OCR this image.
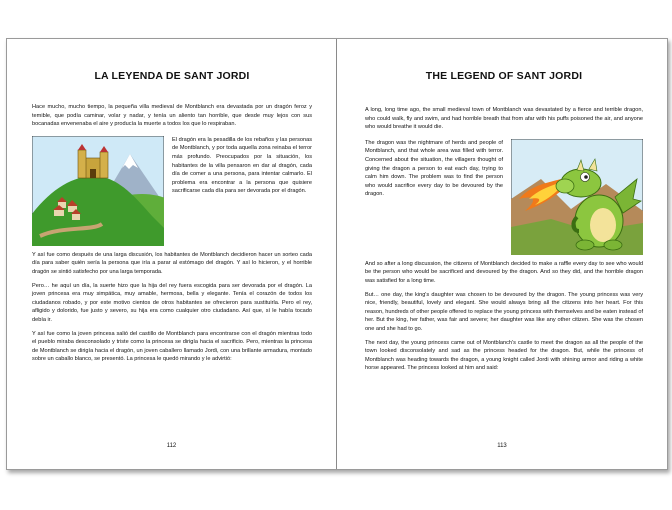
LA LEYENDA DE SANT JORDI

Hace mucho, mucho tiempo, la pequeña villa medieval de Montblanch era devastada por un dragón feroz y temible, que podía caminar, volar y nadar, y tenía un aliento tan horrible, que desde muy lejos con sus bocanadas envenenaba el aire y producía la muerte a todos los que lo respiraban.

El dragón era la pesadilla de los rebaños y las personas de Montblanch, y por toda aquella zona reinaba el terror más profundo. Preocupados por la situación, los habitantes de la villa pensaron en dar al dragón, cada día de comer a una persona, para intentar calmarlo. El problema era encontrar a la persona que quisiere sacrificarse cada día para ser devorada por el dragón.

Y así fue como después de una larga discusión, los habitantes de Montblanch decidieron hacer un sorteo cada día para saber quién sería la persona que iría a parar al estómago del dragón. Y así lo hicieron, y el horrible dragón se sintió satisfecho por una larga temporada.

Pero… he aquí un día, la suerte hizo que la hija del rey fuera escogida para ser devorada por el dragón. La joven princesa era muy simpática, muy amable, hermosa, bella y elegante. Tenía el corazón de todos los ciudadanos robado, y por este motivo cientos de otros habitantes se ofrecieron para sustituirla. Pero el rey, afligido y dolorido, fue justo y severo, su hija era como cualquier otro ciudadano. Así que, sí le había tocado debía ir.

Y así fue como la joven princesa salió del castillo de Montblanch para encontrarse con el dragón mientras todo el pueblo miraba desconsolado y triste como la princesa se dirigía hacia el sacrificio. Pero, mientras la princesa de Montblanch se dirigía hacia el dragón, un joven caballero llamado Jordi, con una brillante armadura, montado sobre un caballo blanco, se presentó. La princesa le quedó mirando y le advirtió:

112
THE LEGEND OF SANT JORDI

A long, long time ago, the small medieval town of Montblanch was devastated by a fierce and terrible dragon, who could walk, fly and swim, and had horrible breath that from afar with his puffs poisoned the air, and anyone who would breathe it would die.

The dragon was the nightmare of herds and people of Montblanch, and that whole area was filled with terror. Concerned about the situation, the villagers thought of giving the dragon a person to eat each day, trying to calm him down. The problem was to find the person who would sacrifice every day to be devoured by the dragon.

And so after a long discussion, the citizens of Montblanch decided to make a raffle every day to see who would be the person who would be sacrificed and devoured by the dragon. And so they did, and the horrible dragon was satisfied for a long time.

But… one day, the king's daughter was chosen to be devoured by the dragon. The young princess was very nice, friendly, beautiful, lovely and elegant. She would always bring all the citizens into her heart. For this reason, hundreds of other people offered to replace the young princess with themselves and be eaten instead of her. But the king, her father, was fair and severe; her daughter was like any other citizen. She was the chosen one and she had to go.

The next day, the young princess came out of Montblanch's castle to meet the dragon as all the people of the town looked disconsolately and sad as the princess headed for the dragon. But, while the princess of Montblanch was heading towards the dragon, a young knight called Jordi with shining armor and riding a white horse appeared. The princess looked at him and said:

113
